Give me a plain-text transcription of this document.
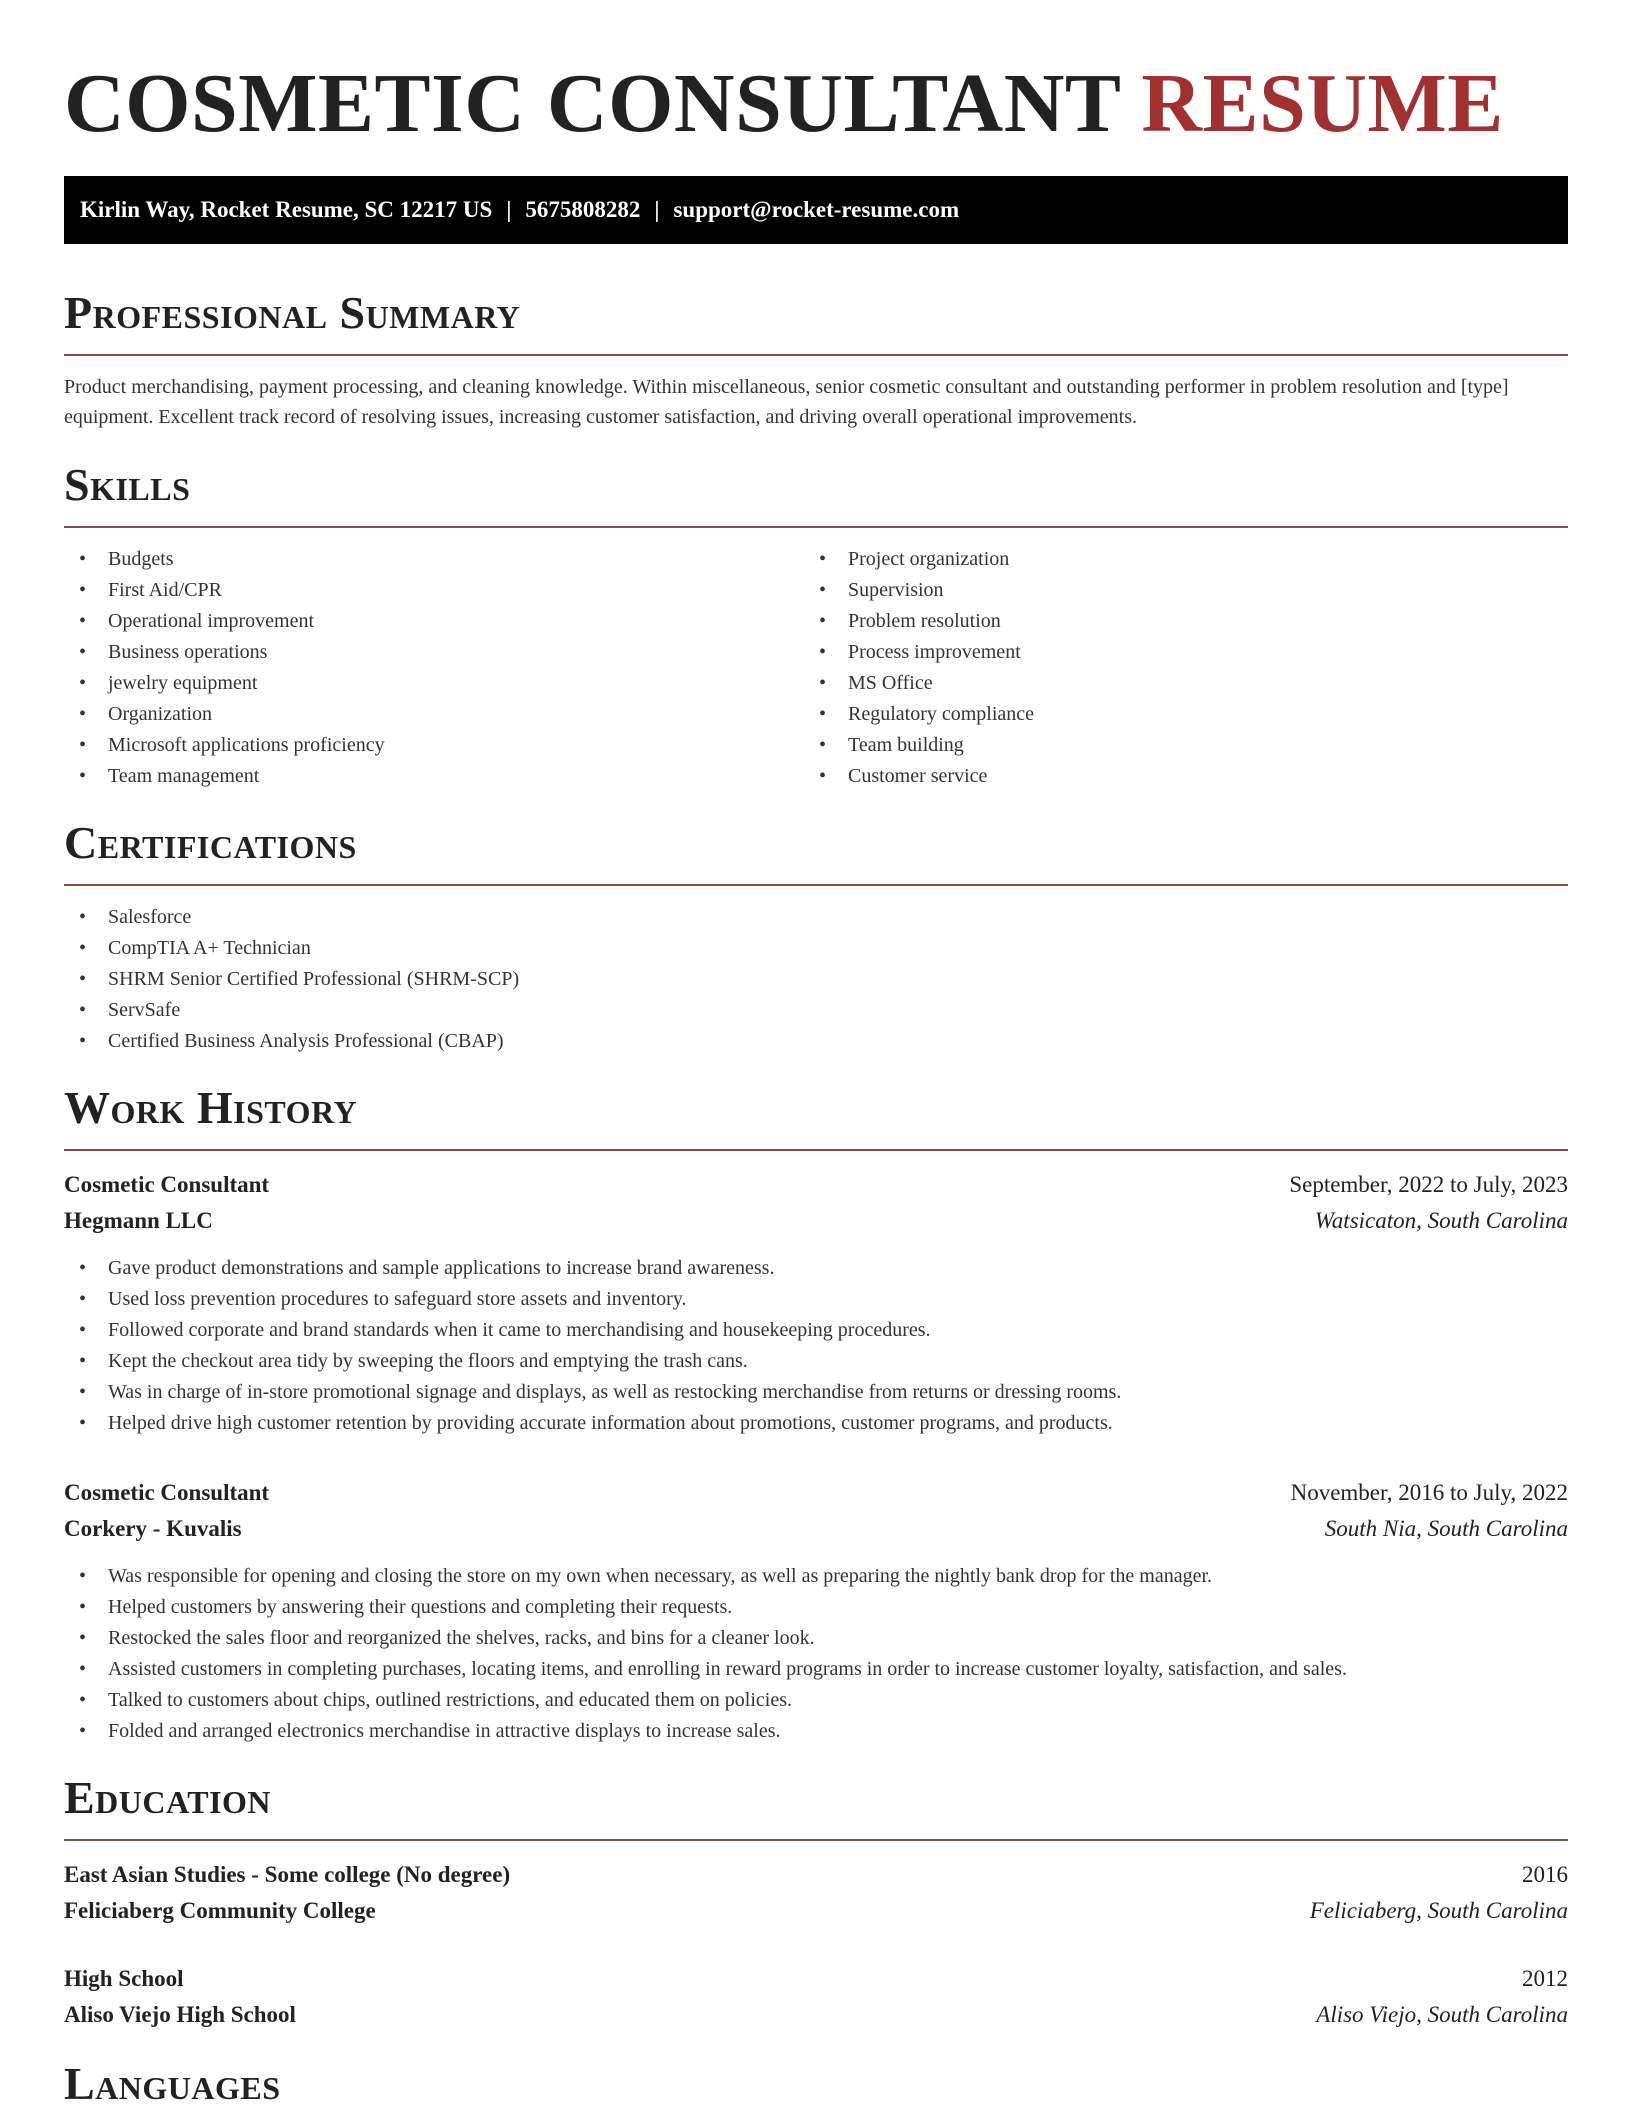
COSMETIC CONSULTANT RESUME
Kirlin Way, Rocket Resume, SC 12217 US | 5675808282 | support@rocket-resume.com
Professional Summary

Product merchandising, payment processing, and cleaning knowledge. Within miscellaneous, senior cosmetic consultant and outstanding performer in problem resolution and [type] equipment. Excellent track record of resolving issues, increasing customer satisfaction, and driving overall operational improvements.

Skills
• Budgets
• First Aid/CPR
• Operational improvement
• Business operations
• jewelry equipment
• Organization
• Microsoft applications proficiency
• Team management
• Project organization
• Supervision
• Problem resolution
• Process improvement
• MS Office
• Regulatory compliance
• Team building
• Customer service
Certifications
• Salesforce
• CompTIA A+ Technician
• SHRM Senior Certified Professional (SHRM-SCP)
• ServSafe
• Certified Business Analysis Professional (CBAP)
Work History
Cosmetic Consultant	September, 2022 to July, 2023
Hegmann LLC	Watsicaton, South Carolina
• Gave product demonstrations and sample applications to increase brand awareness.
• Used loss prevention procedures to safeguard store assets and inventory.
• Followed corporate and brand standards when it came to merchandising and housekeeping procedures.
• Kept the checkout area tidy by sweeping the floors and emptying the trash cans.
• Was in charge of in-store promotional signage and displays, as well as restocking merchandise from returns or dressing rooms.
• Helped drive high customer retention by providing accurate information about promotions, customer programs, and products.
Cosmetic Consultant	November, 2016 to July, 2022
Corkery - Kuvalis	South Nia, South Carolina
• Was responsible for opening and closing the store on my own when necessary, as well as preparing the nightly bank drop for the manager.
• Helped customers by answering their questions and completing their requests.
• Restocked the sales floor and reorganized the shelves, racks, and bins for a cleaner look.
• Assisted customers in completing purchases, locating items, and enrolling in reward programs in order to increase customer loyalty, satisfaction, and sales.
• Talked to customers about chips, outlined restrictions, and educated them on policies.
• Folded and arranged electronics merchandise in attractive displays to increase sales.
Education
East Asian Studies - Some college (No degree)	2016
Feliciaberg Community College	Feliciaberg, South Carolina
High School	2012
Aliso Viejo High School	Aliso Viejo, South Carolina
Languages
